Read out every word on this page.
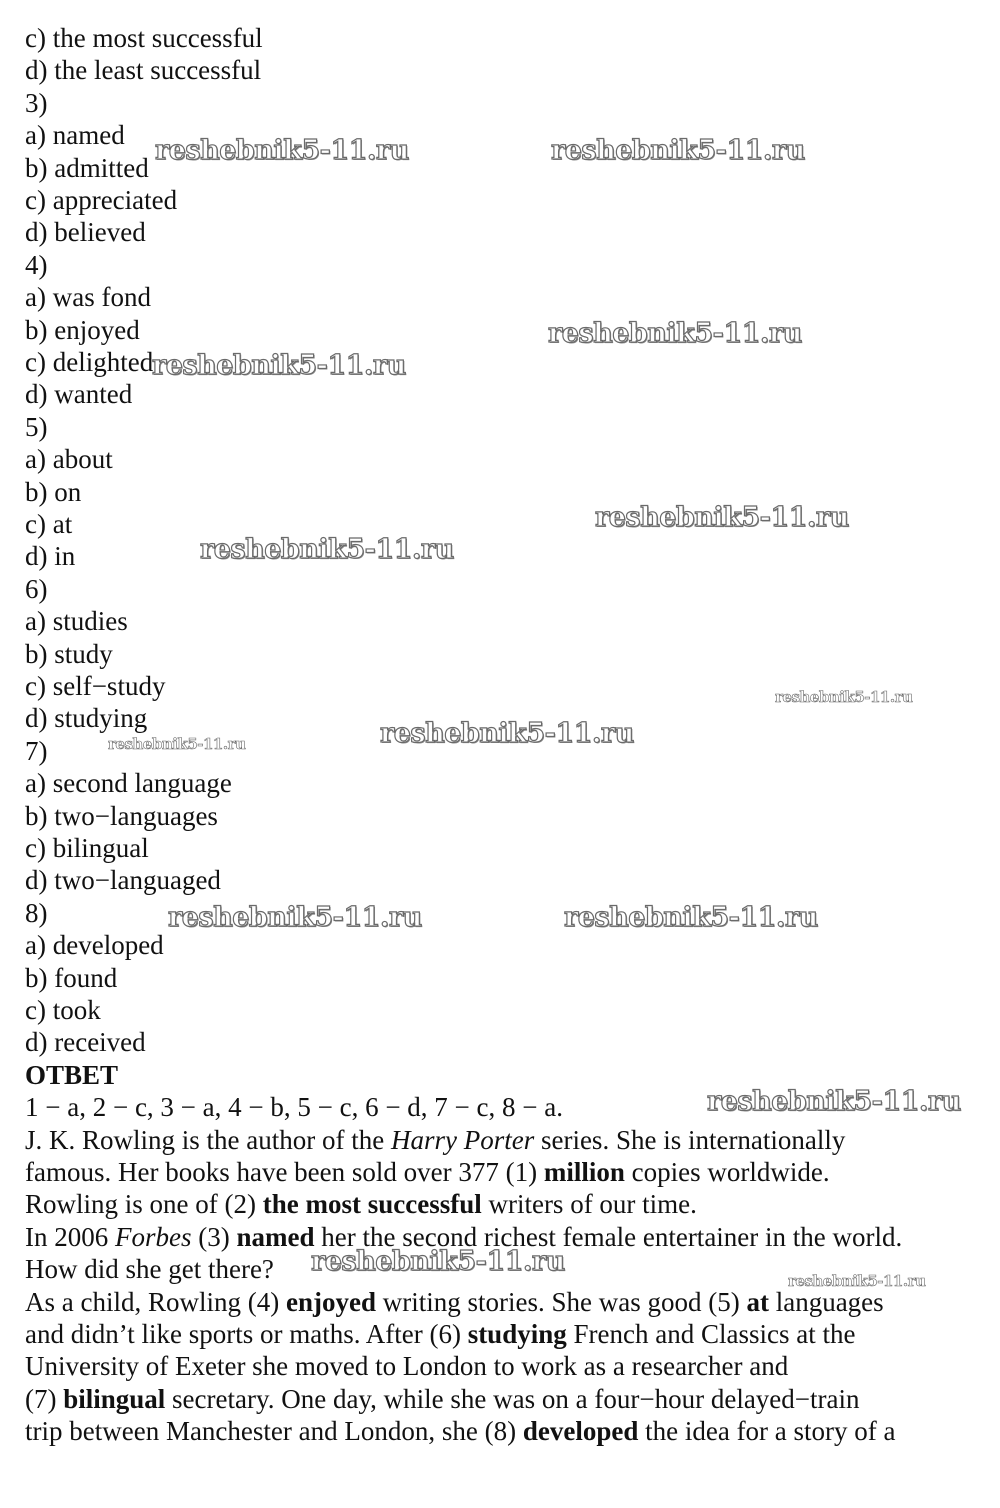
c) the most successful
d) the least successful
3)
a) named
b) admitted
c) appreciated
d) believed
4)
a) was fond
b) enjoyed
c) delighted
d) wanted
5)
a) about
b) on
c) at
d) in
6)
a) studies
b) study
c) self−study
d) studying
7)
a) second language
b) two−languages
c) bilingual
d) two−languaged
8)
a) developed
b) found
c) took
d) received
ОТВЕТ
1 − a, 2 − c, 3 − a, 4 − b, 5 − c, 6 − d, 7 − c, 8 − a.
J. K. Rowling is the author of the Harry Porter series. She is internationally
famous. Her books have been sold over 377 (1) million copies worldwide.
Rowling is one of (2) the most successful writers of our time.
In 2006 Forbes (3) named her the second richest female entertainer in the world.
How did she get there?
As a child, Rowling (4) enjoyed writing stories. She was good (5) at languages
and didn’t like sports or maths. After (6) studying French and Classics at the
University of Exeter she moved to London to work as a researcher and
(7) bilingual secretary. One day, while she was on a four−hour delayed−train
trip between Manchester and London, she (8) developed the idea for a story of a
reshebnik5-11.ru	reshebnik5-11.ru
reshebnik5-11.ru
reshebnik5-11.ru
reshebnik5-11.ru
reshebnik5-11.ru
reshebnik5-11.ru
reshebnik5-11.ru
reshebnik5-11.ru
reshebnik5-11.ru	reshebnik5-11.ru
reshebnik5-11.ru
reshebnik5-11.ru
reshebnik5-11.ru
